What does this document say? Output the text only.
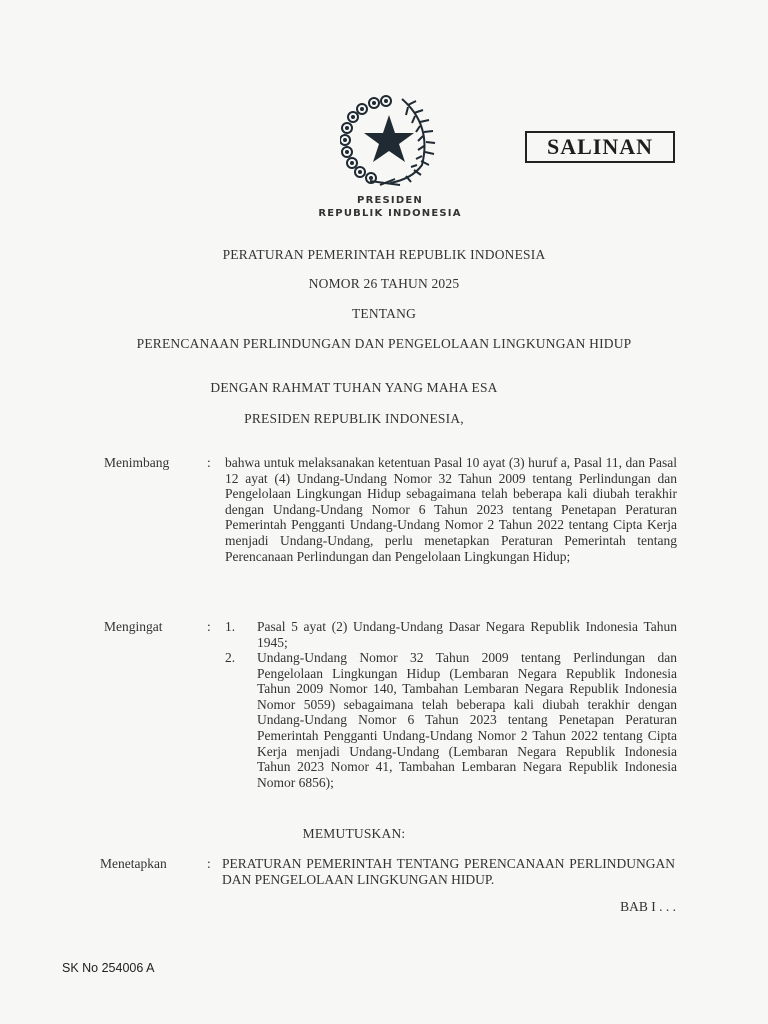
SALINAN
PRESIDEN
REPUBLIK INDONESIA
PERATURAN PEMERINTAH REPUBLIK INDONESIA
NOMOR 26 TAHUN 2025
TENTANG
PERENCANAAN PERLINDUNGAN DAN PENGELOLAAN LINGKUNGAN HIDUP
DENGAN RAHMAT TUHAN YANG MAHA ESA
PRESIDEN REPUBLIK INDONESIA,
Menimbang	: bahwa untuk melaksanakan ketentuan Pasal 10 ayat (3) huruf a, Pasal 11, dan Pasal 12 ayat (4) Undang-Undang Nomor 32 Tahun 2009 tentang Perlindungan dan Pengelolaan Lingkungan Hidup sebagaimana telah beberapa kali diubah terakhir dengan Undang-Undang Nomor 6 Tahun 2023 tentang Penetapan Peraturan Pemerintah Pengganti Undang-Undang Nomor 2 Tahun 2022 tentang Cipta Kerja menjadi Undang-Undang, perlu menetapkan Peraturan Pemerintah tentang Perencanaan Perlindungan dan Pengelolaan Lingkungan Hidup;
Mengingat	: 1. Pasal 5 ayat (2) Undang-Undang Dasar Negara Republik Indonesia Tahun 1945;
2. Undang-Undang Nomor 32 Tahun 2009 tentang Perlindungan dan Pengelolaan Lingkungan Hidup (Lembaran Negara Republik Indonesia Tahun 2009 Nomor 140, Tambahan Lembaran Negara Republik Indonesia Nomor 5059) sebagaimana telah beberapa kali diubah terakhir dengan Undang-Undang Nomor 6 Tahun 2023 tentang Penetapan Peraturan Pemerintah Pengganti Undang-Undang Nomor 2 Tahun 2022 tentang Cipta Kerja menjadi Undang-Undang (Lembaran Negara Republik Indonesia Tahun 2023 Nomor 41, Tambahan Lembaran Negara Republik Indonesia Nomor 6856);
MEMUTUSKAN:
Menetapkan	: PERATURAN PEMERINTAH TENTANG PERENCANAAN PERLINDUNGAN DAN PENGELOLAAN LINGKUNGAN HIDUP.
BAB I . . .
SK No 254006 A
